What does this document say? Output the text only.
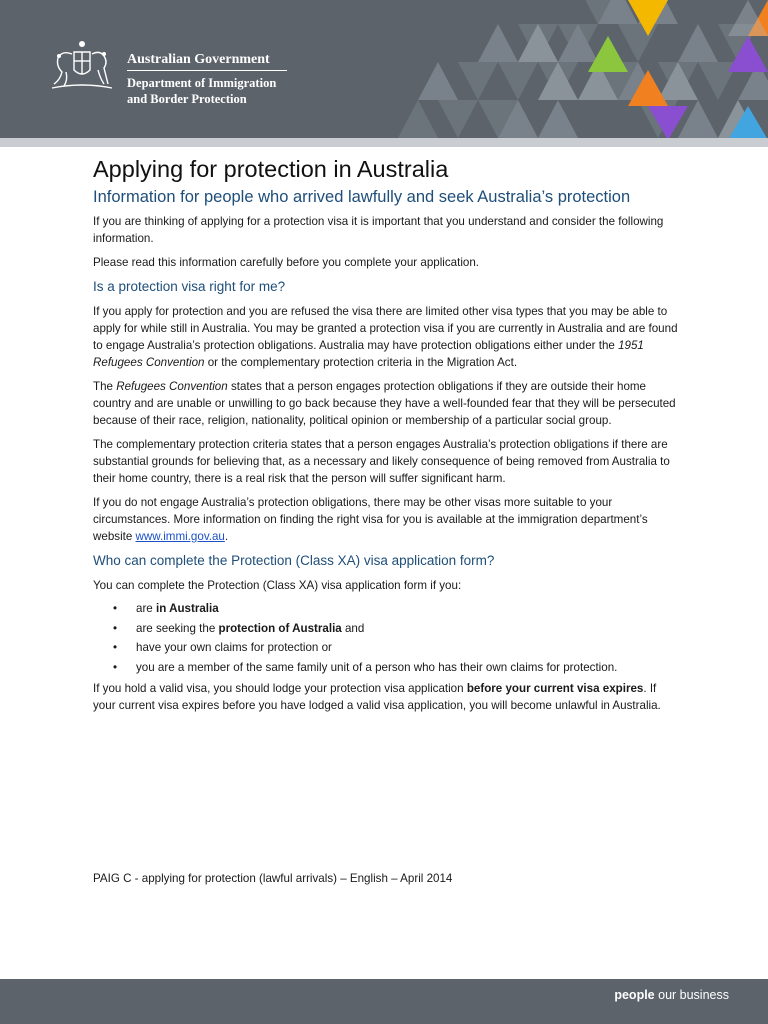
Australian Government
Department of Immigration
and Border Protection
Applying for protection in Australia
Information for people who arrived lawfully and seek Australia’s protection

If you are thinking of applying for a protection visa it is important that you understand and consider the following information.

Please read this information carefully before you complete your application.

Is a protection visa right for me?

If you apply for protection and you are refused the visa there are limited other visa types that you may be able to apply for while still in Australia. You may be granted a protection visa if you are currently in Australia and are found to engage Australia’s protection obligations. Australia may have protection obligations either under the 1951 Refugees Convention or the complementary protection criteria in the Migration Act.

The Refugees Convention states that a person engages protection obligations if they are outside their home country and are unable or unwilling to go back because they have a well-founded fear that they will be persecuted because of their race, religion, nationality, political opinion or membership of a particular social group.

The complementary protection criteria states that a person engages Australia’s protection obligations if there are substantial grounds for believing that, as a necessary and likely consequence of being removed from Australia to their home country, there is a real risk that the person will suffer significant harm.

If you do not engage Australia’s protection obligations, there may be other visas more suitable to your circumstances. More information on finding the right visa for you is available at the immigration department’s website www.immi.gov.au.

Who can complete the Protection (Class XA) visa application form?

You can complete the Protection (Class XA) visa application form if you:

• are in Australia
• are seeking the protection of Australia and
• have your own claims for protection or
• you are a member of the same family unit of a person who has their own claims for protection.

If you hold a valid visa, you should lodge your protection visa application before your current visa expires. If your current visa expires before you have lodged a valid visa application, you will become unlawful in Australia.

PAIG C - applying for protection (lawful arrivals) – English – April 2014
people our business
